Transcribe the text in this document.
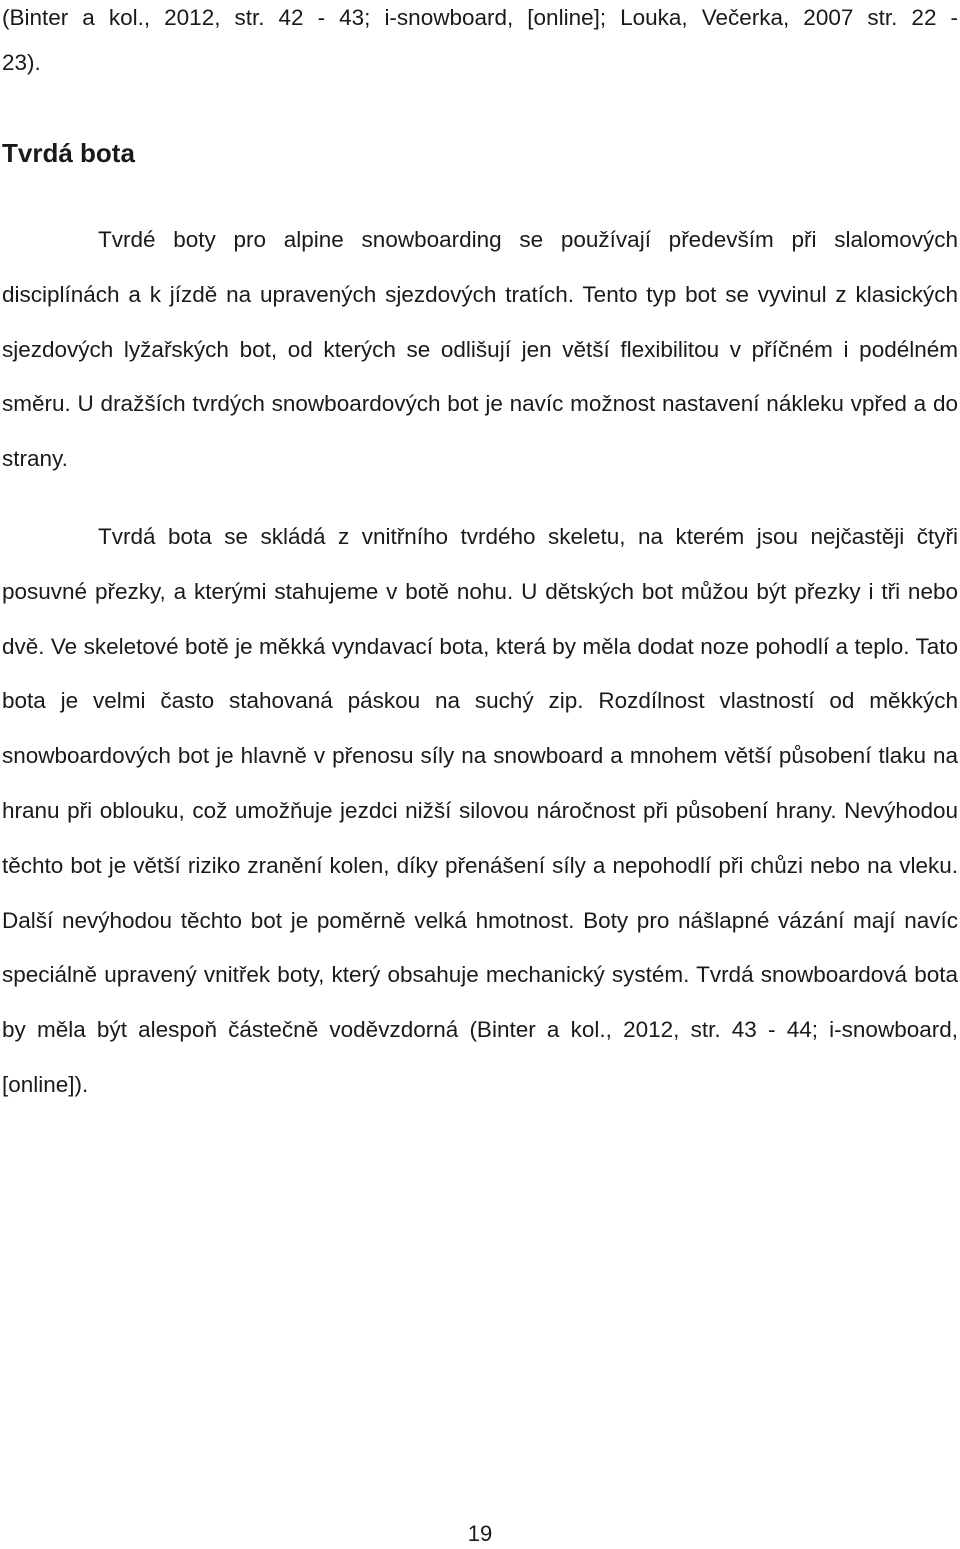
(Binter a kol., 2012, str. 42 - 43; i-snowboard, [online]; Louka, Večerka, 2007 str. 22 -
23).
Tvrdá bota

Tvrdé boty pro alpine snowboarding se používají především při slalomových disciplínách a k jízdě na upravených sjezdových tratích. Tento typ bot se vyvinul z klasických sjezdových lyžařských bot, od kterých se odlišují jen větší flexibilitou v příčném i podélném směru. U dražších tvrdých snowboardových bot je navíc možnost nastavení nákleku vpřed a do strany.

Tvrdá bota se skládá z vnitřního tvrdého skeletu, na kterém jsou nejčastěji čtyři posuvné přezky, a kterými stahujeme v botě nohu. U dětských bot můžou být přezky i tři nebo dvě. Ve skeletové botě je měkká vyndavací bota, která by měla dodat noze pohodlí a teplo. Tato bota je velmi často stahovaná páskou na suchý zip. Rozdílnost vlastností od měkkých snowboardových bot je hlavně v přenosu síly na snowboard a mnohem větší působení tlaku na hranu při oblouku, což umožňuje jezdci nižší silovou náročnost při působení hrany. Nevýhodou těchto bot je větší riziko zranění kolen, díky přenášení síly a nepohodlí při chůzi nebo na vleku. Další nevýhodou těchto bot je poměrně velká hmotnost. Boty pro nášlapné vázání mají navíc speciálně upravený vnitřek boty, který obsahuje mechanický systém. Tvrdá snowboardová bota by měla být alespoň částečně voděvzdorná (Binter a kol., 2012, str. 43 - 44; i-snowboard, [online]).

19
